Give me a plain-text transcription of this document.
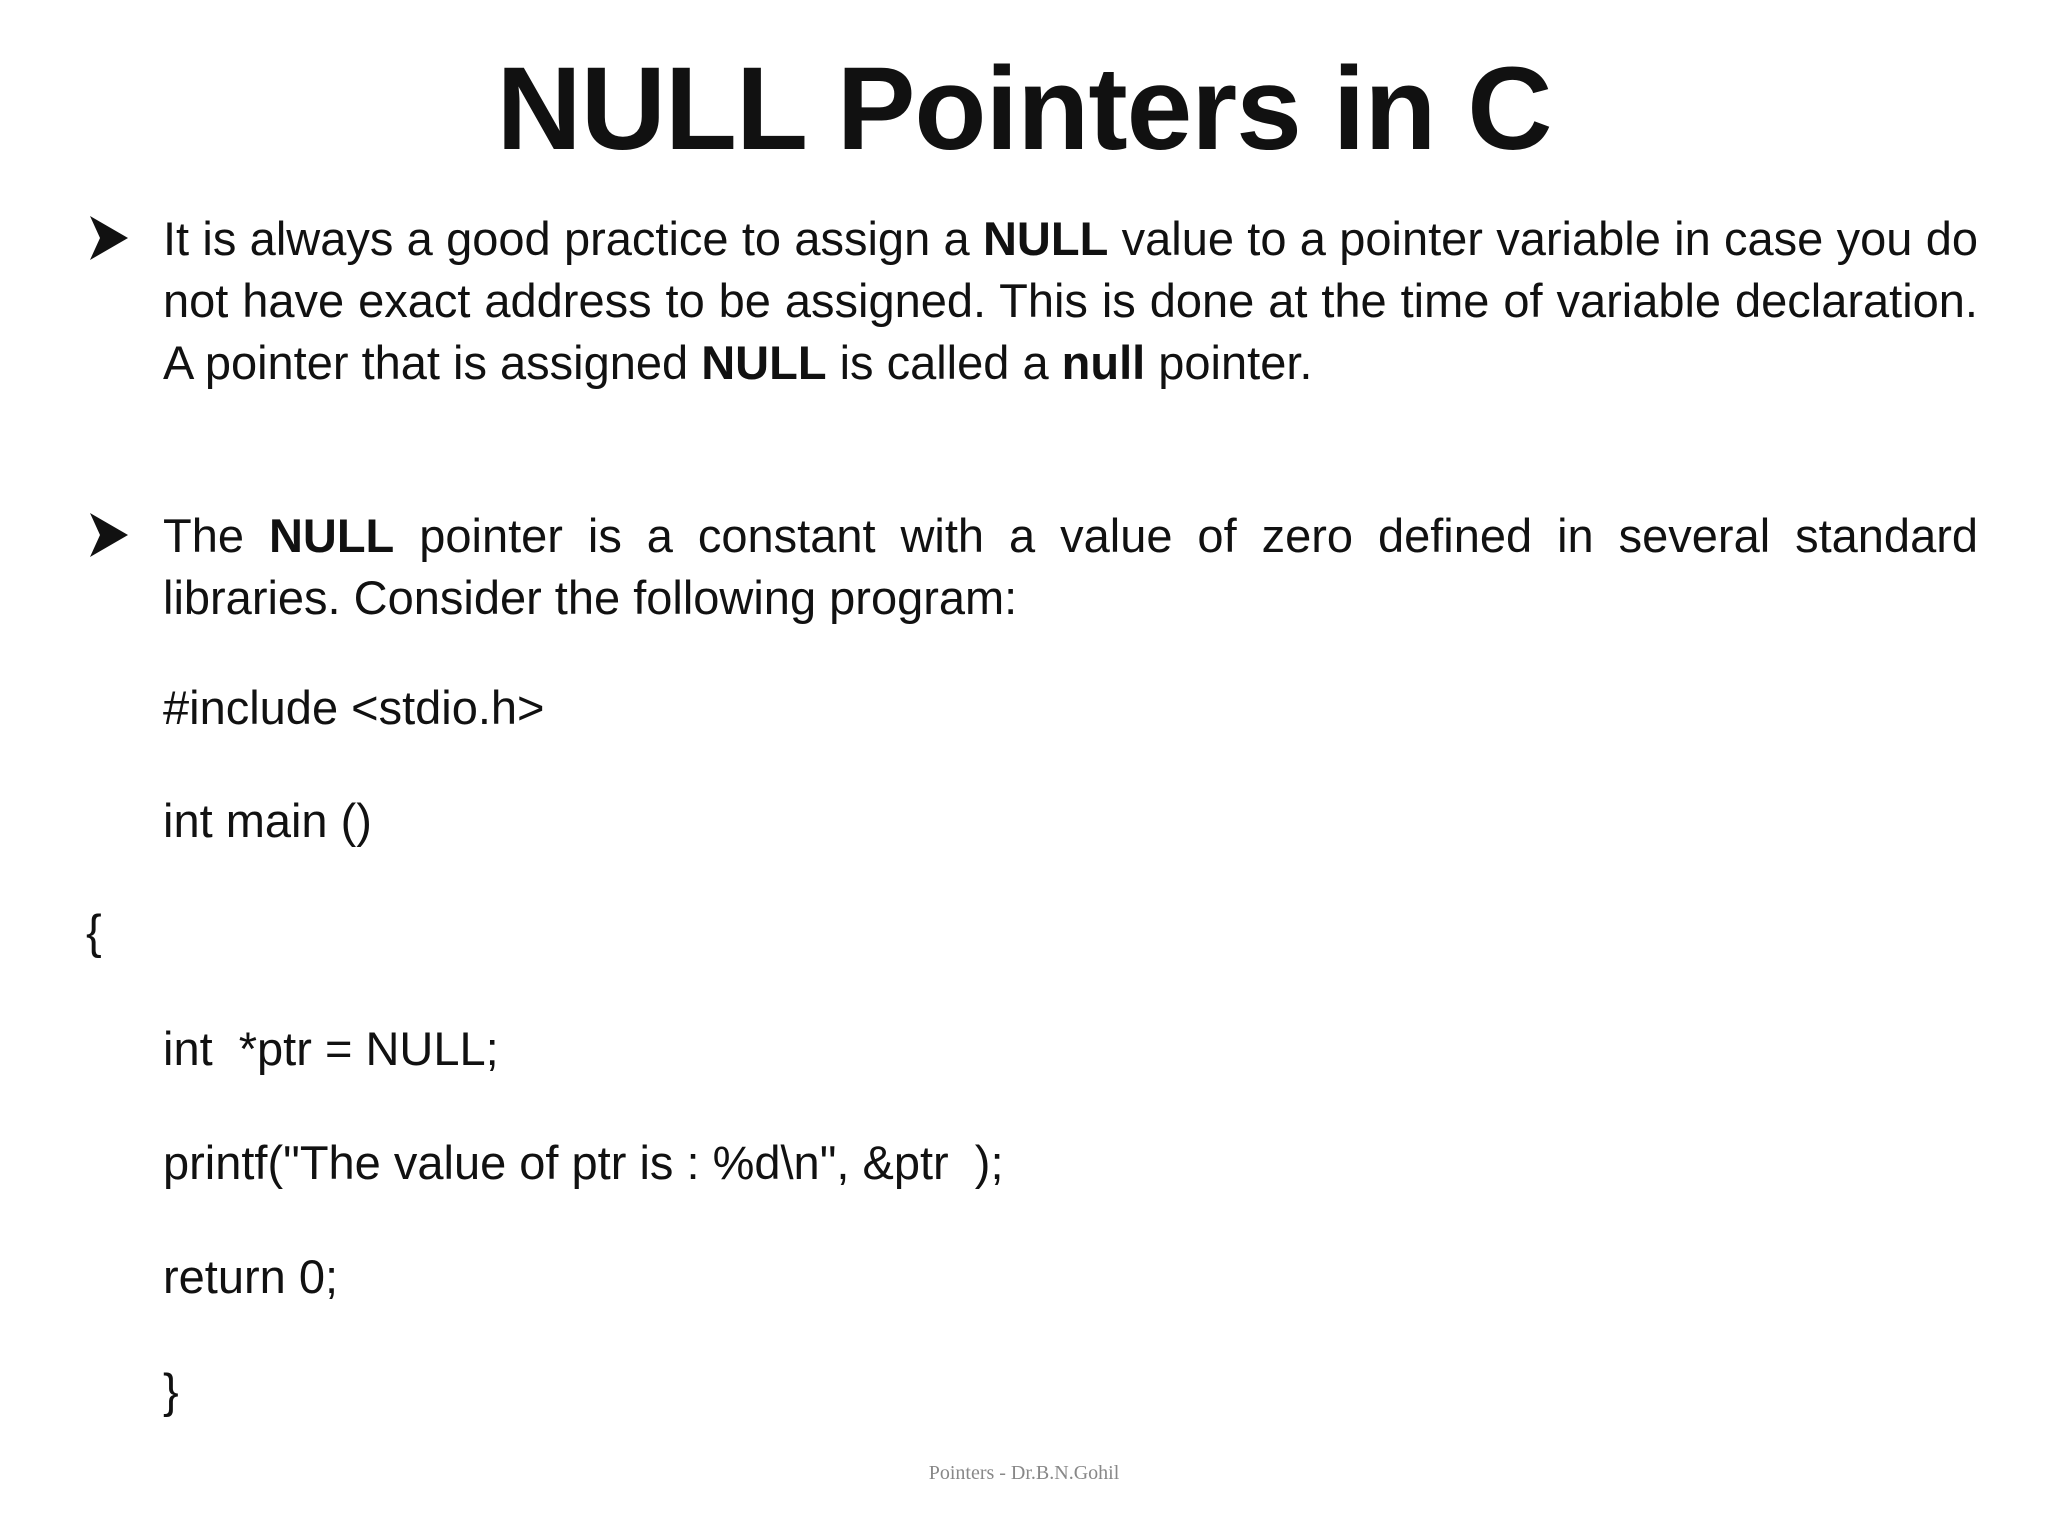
NULL Pointers in C
It is always a good practice to assign a NULL value to a pointer variable in case you do not have exact address to be assigned. This is done at the time of variable declaration. A pointer that is assigned NULL is called a null pointer.
The NULL pointer is a constant with a value of zero defined in several standard libraries. Consider the following program:
#include <stdio.h>
int main ()
{
int  *ptr = NULL;
printf("The value of ptr is : %d\n", &ptr  );
return 0;
}
Pointers - Dr.B.N.Gohil
